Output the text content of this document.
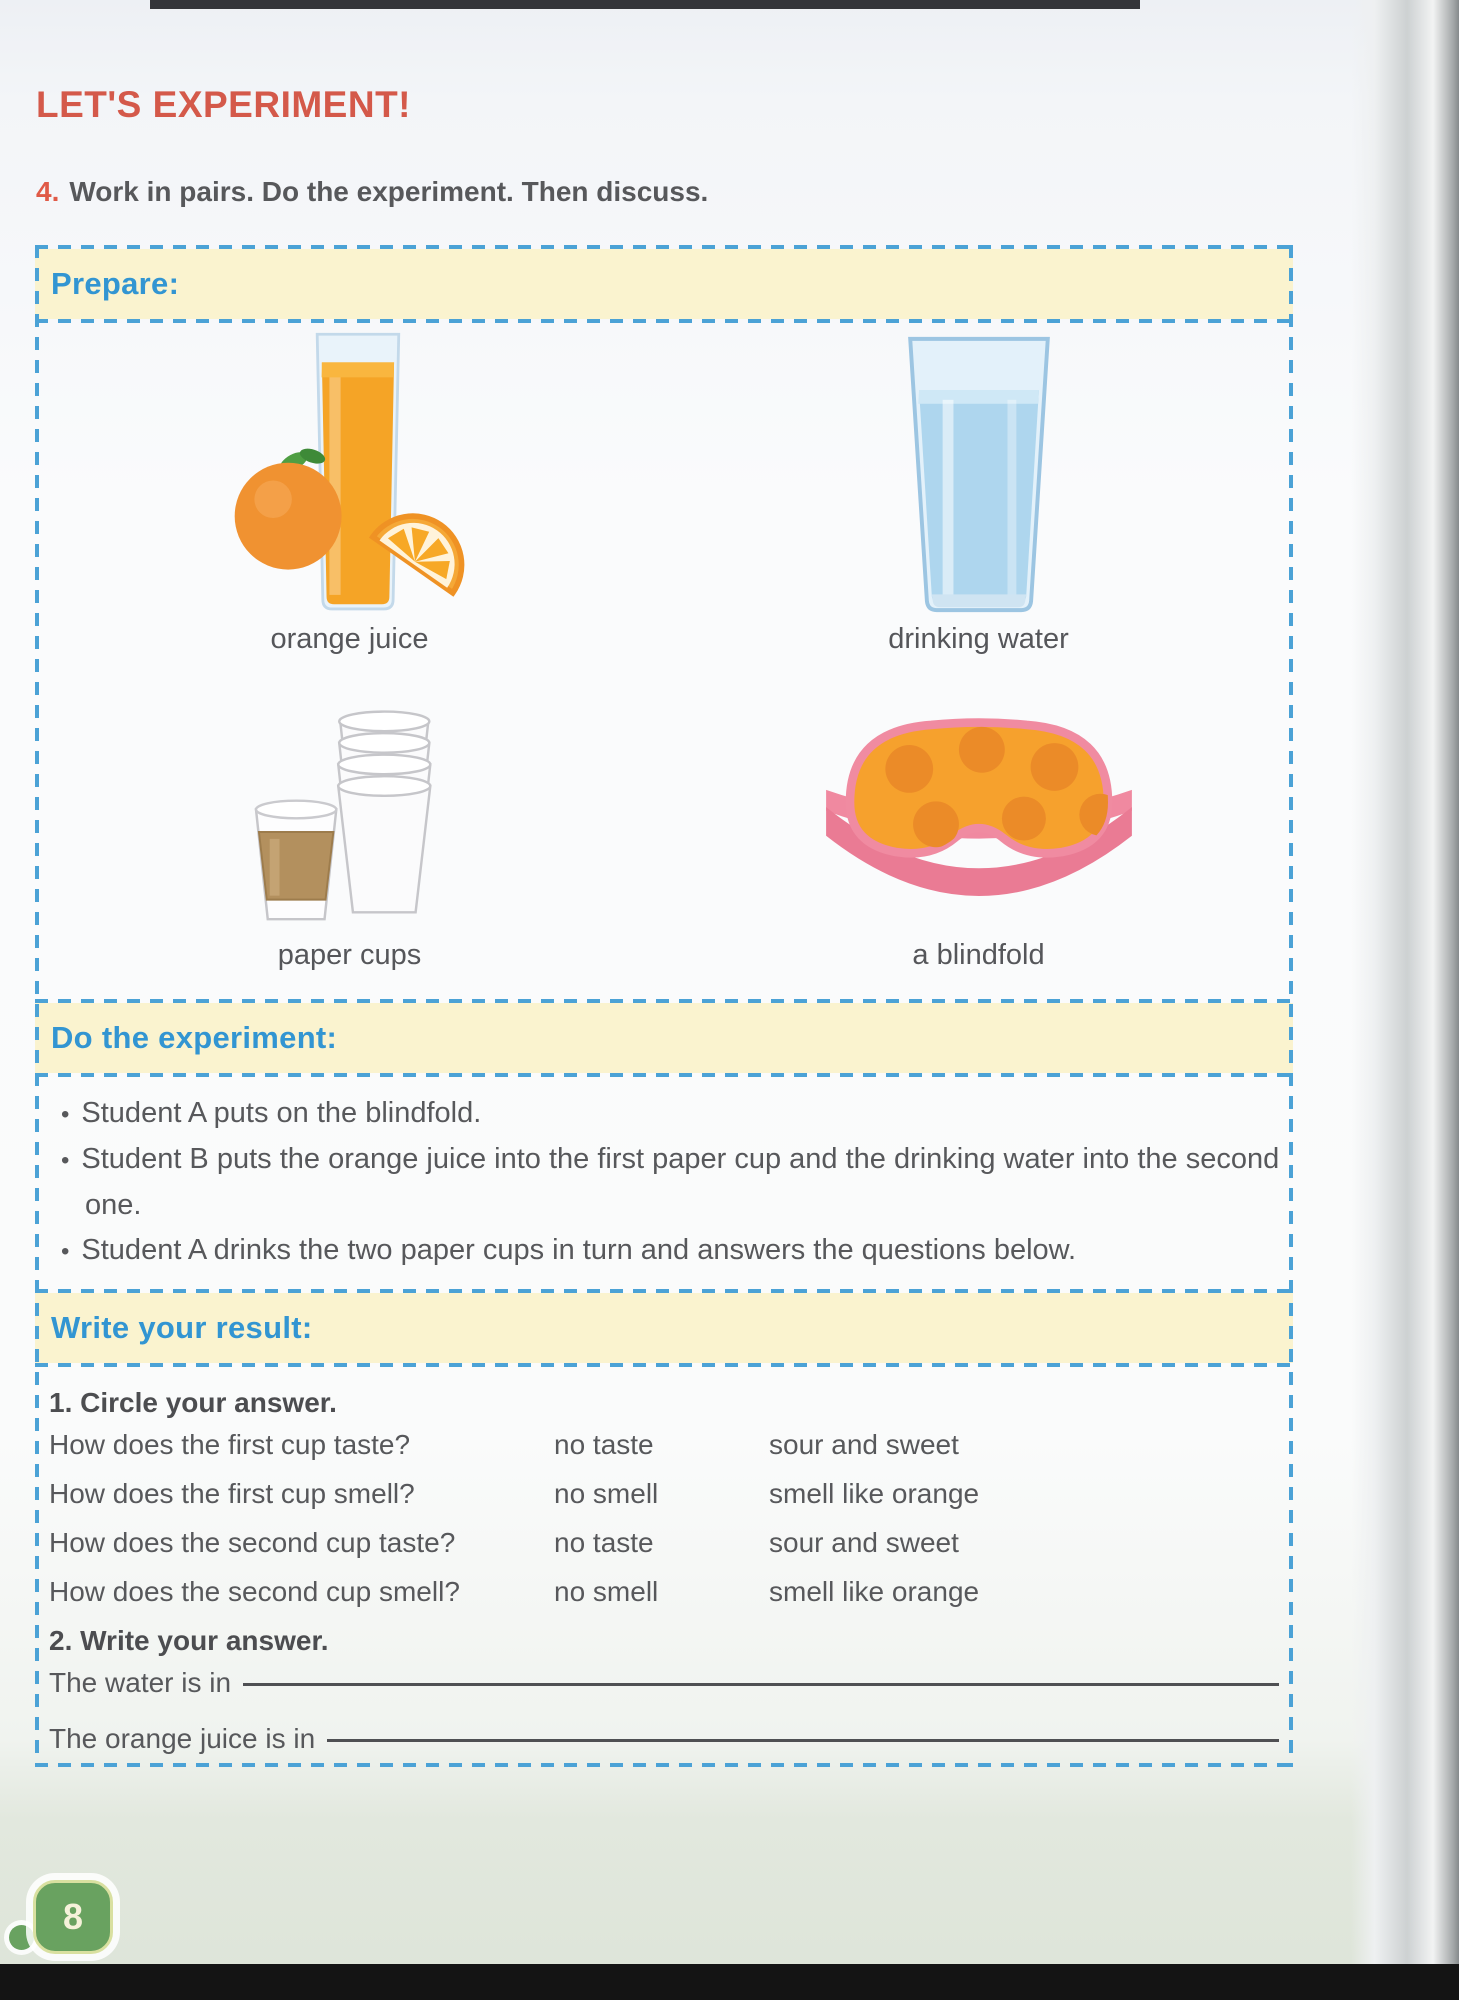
LET'S EXPERIMENT!
4. Work in pairs. Do the experiment. Then discuss.
Prepare:
orange juice	drinking water
paper cups	a blindfold
Do the experiment:
• Student A puts on the blindfold.
• Student B puts the orange juice into the first paper cup and the drinking water into the second one.
• Student A drinks the two paper cups in turn and answers the questions below.
Write your result:
1. Circle your answer.
How does the first cup taste?	no taste	sour and sweet
How does the first cup smell?	no smell	smell like orange
How does the second cup taste?	no taste	sour and sweet
How does the second cup smell?	no smell	smell like orange
2. Write your answer.
The water is in
The orange juice is in
8
